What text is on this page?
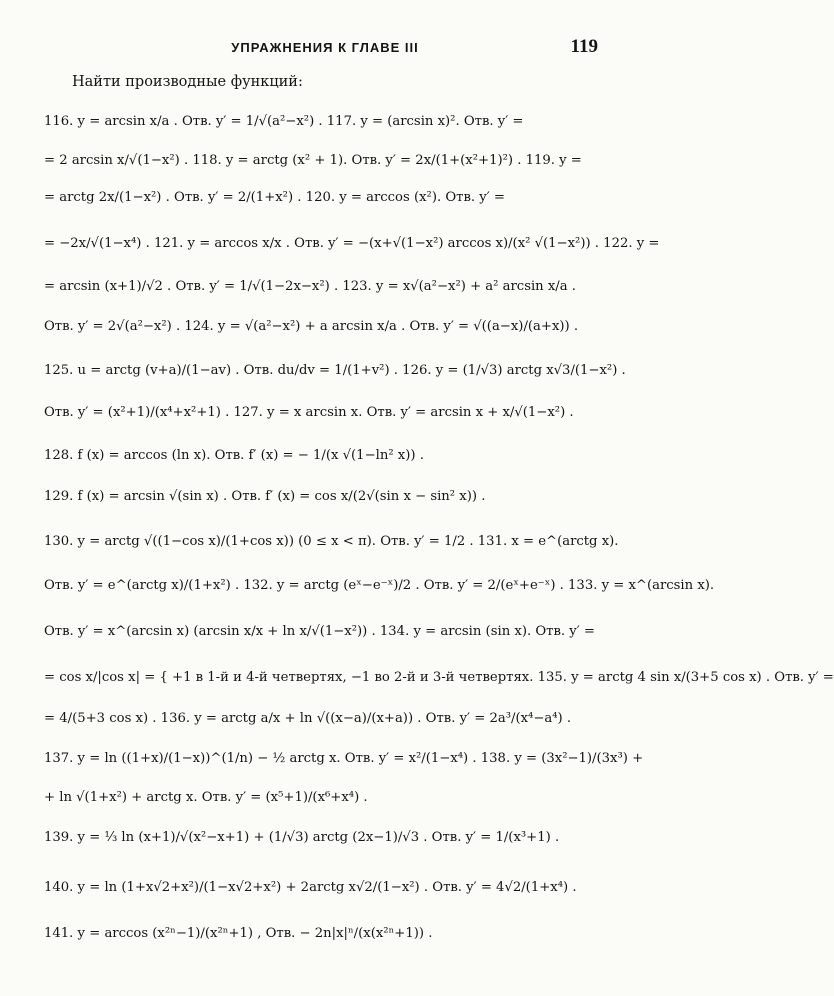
УПРАЖНЕНИЯ К ГЛАВЕ III	119
Найти производные функций:
116. y = arcsin x/a . Отв. y′ = 1/√(a²−x²) . 117. y = (arcsin x)². Отв. y′ =
= 2 arcsin x/√(1−x²) . 118. y = arctg (x² + 1). Отв. y′ = 2x/(1+(x²+1)²) . 119. y =
= arctg 2x/(1−x²) . Отв. y′ = 2/(1+x²) . 120. y = arccos (x²). Отв. y′ =
= −2x/√(1−x⁴) . 121. y = arccos x/x . Отв. y′ = −(x+√(1−x²) arccos x)/(x² √(1−x²)) . 122. y =
= arcsin (x+1)/√2 . Отв. y′ = 1/√(1−2x−x²) . 123. y = x√(a²−x²) + a² arcsin x/a .
Отв. y′ = 2√(a²−x²) . 124. y = √(a²−x²) + a arcsin x/a . Отв. y′ = √((a−x)/(a+x)) .
125. u = arctg (v+a)/(1−av) . Отв. du/dv = 1/(1+v²) . 126. y = (1/√3) arctg x√3/(1−x²) .
Отв. y′ = (x²+1)/(x⁴+x²+1) . 127. y = x arcsin x. Отв. y′ = arcsin x + x/√(1−x²) .
128. f (x) = arccos (ln x). Отв. f′ (x) = − 1/(x √(1−ln² x)) .
129. f (x) = arcsin √(sin x) . Отв. f′ (x) = cos x/(2√(sin x − sin² x)) .
130. y = arctg √((1−cos x)/(1+cos x)) (0 ≤ x < π). Отв. y′ = 1/2 . 131. x = e^(arctg x).
Отв. y′ = e^(arctg x)/(1+x²) . 132. y = arctg (eˣ−e⁻ˣ)/2 . Отв. y′ = 2/(eˣ+e⁻ˣ) . 133. y = x^(arcsin x).
Отв. y′ = x^(arcsin x) (arcsin x/x + ln x/√(1−x²)) . 134. y = arcsin (sin x). Отв. y′ =
= cos x/|cos x| = { +1 в 1-й и 4-й четвертях, −1 во 2-й и 3-й четвертях. 135. y = arctg 4 sin x/(3+5 cos x) . Отв. y′ =
= 4/(5+3 cos x) . 136. y = arctg a/x + ln √((x−a)/(x+a)) . Отв. y′ = 2a³/(x⁴−a⁴) .
137. y = ln ((1+x)/(1−x))^(1/n) − ½ arctg x. Отв. y′ = x²/(1−x⁴) . 138. y = (3x²−1)/(3x³) +
+ ln √(1+x²) + arctg x. Отв. y′ = (x⁵+1)/(x⁶+x⁴) .
139. y = ⅓ ln (x+1)/√(x²−x+1) + (1/√3) arctg (2x−1)/√3 . Отв. y′ = 1/(x³+1) .
140. y = ln (1+x√2+x²)/(1−x√2+x²) + 2arctg x√2/(1−x²) . Отв. y′ = 4√2/(1+x⁴) .
141. y = arccos (x²ⁿ−1)/(x²ⁿ+1) , Отв. − 2n|x|ⁿ/(x(x²ⁿ+1)) .
